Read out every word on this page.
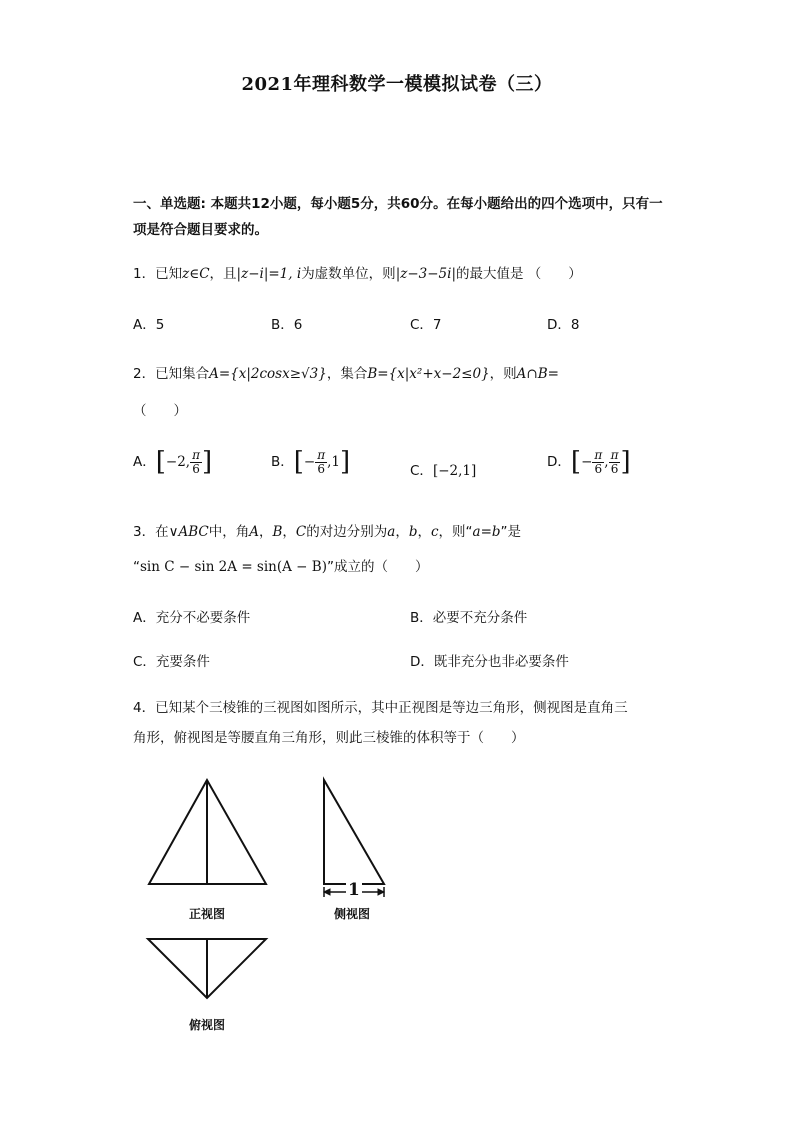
2021年理科数学一模模拟试卷（三）
一、单选题: 本题共12小题，每小题5分，共60分。在每小题给出的四个选项中，只有一项是符合题目要求的。
1．已知z∈C，且|z−i|=1, i为虚数单位，则|z−3−5i|的最大值是 （　　）
A．5	B．6	C．7	D．8
2．已知集合A={x|2cosx≥√3}，集合B={x|x²+x−2≤0}，则A∩B=
（　　）
A．[−2, $\frac{\pi}{6}$ ]	B．[− $\frac{\pi}{6} ,1$]	C．[−2,1]
D．[− $\frac{\pi}{6}$ , $\frac{\pi}{6}$ ]
3．在∨ABC中，角A，B，C的对边分别为a，b，c，则“a=b”是
“sin C − sin 2A = sin(A − B)”成立的（　　）
A．充分不必要条件	B．必要不充分条件
C．充要条件	D．既非充分也非必要条件
4．已知某个三棱锥的三视图如图所示，其中正视图是等边三角形，侧视图是直角三
角形，俯视图是等腰直角三角形，则此三棱锥的体积等于（　　）
1
正视图	侧视图
俯视图
